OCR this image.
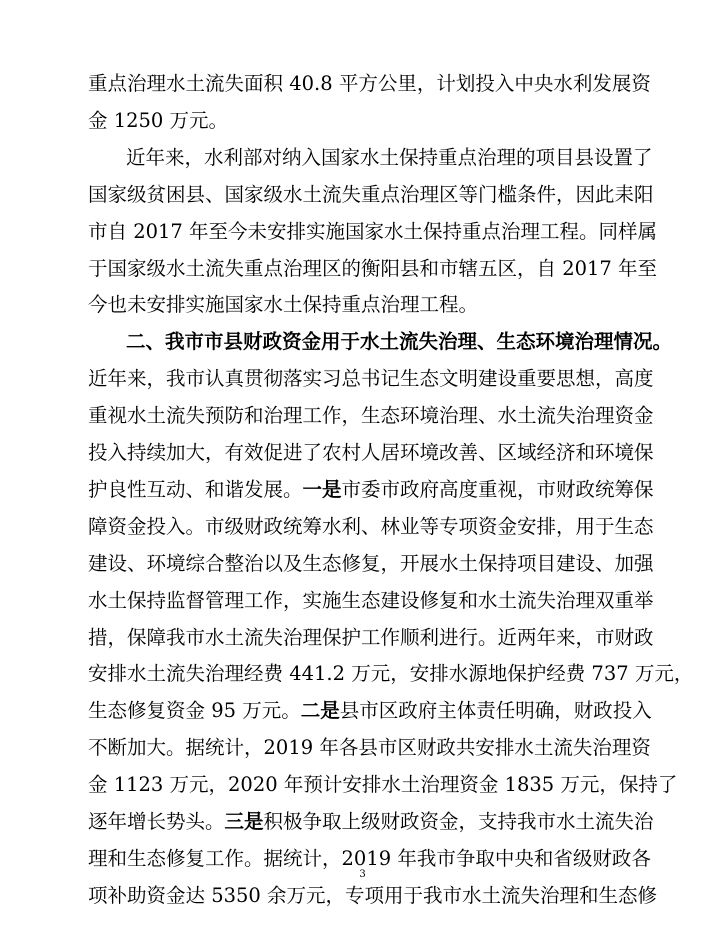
重点治理水土流失面积 40.8 平方公里，计划投入中央水利发展资
金 1250 万元。
近年来，水利部对纳入国家水土保持重点治理的项目县设置了
国家级贫困县、国家级水土流失重点治理区等门槛条件，因此耒阳
市自 2017 年至今未安排实施国家水土保持重点治理工程。同样属
于国家级水土流失重点治理区的衡阳县和市辖五区，自 2017 年至
今也未安排实施国家水土保持重点治理工程。
二、我市市县财政资金用于水土流失治理、生态环境治理情况。
近年来，我市认真贯彻落实习总书记生态文明建设重要思想，高度
重视水土流失预防和治理工作，生态环境治理、水土流失治理资金
投入持续加大，有效促进了农村人居环境改善、区域经济和环境保
护良性互动、和谐发展。一是市委市政府高度重视，市财政统筹保
障资金投入。市级财政统筹水利、林业等专项资金安排，用于生态
建设、环境综合整治以及生态修复，开展水土保持项目建设、加强
水土保持监督管理工作，实施生态建设修复和水土流失治理双重举
措，保障我市水土流失治理保护工作顺利进行。近两年来，市财政
安排水土流失治理经费 441.2 万元，安排水源地保护经费 737 万元，
生态修复资金 95 万元。二是县市区政府主体责任明确，财政投入
不断加大。据统计，2019 年各县市区财政共安排水土流失治理资
金 1123 万元，2020 年预计安排水土治理资金 1835 万元，保持了
逐年增长势头。三是积极争取上级财政资金，支持我市水土流失治
理和生态修复工作。据统计，2019 年我市争取中央和省级财政各
项补助资金达 5350 余万元，专项用于我市水土流失治理和生态修
3
